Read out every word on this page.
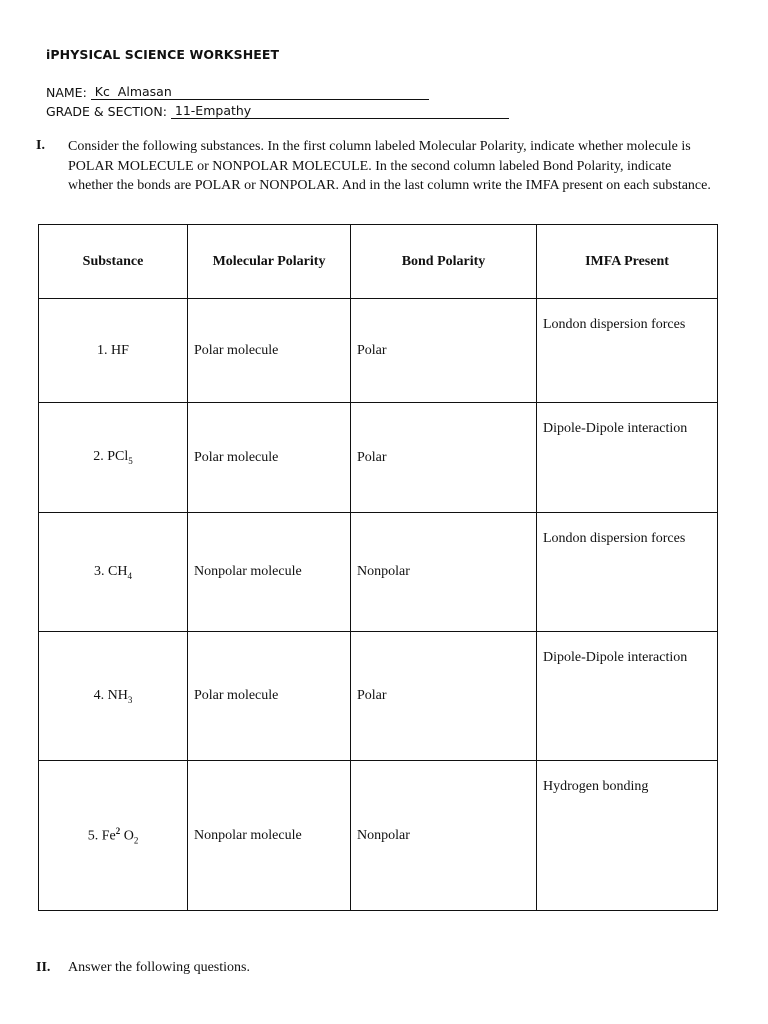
iPHYSICAL SCIENCE WORKSHEET
NAME: Kc  Almasan
GRADE & SECTION: 11-Empathy
I. Consider the following substances. In the first column labeled Molecular Polarity, indicate whether molecule is POLAR MOLECULE or NONPOLAR MOLECULE. In the second column labeled Bond Polarity, indicate whether the bonds are POLAR or NONPOLAR. And in the last column write the IMFA present on each substance.
Substance	Molecular Polarity	Bond Polarity	IMFA Present
1. HF	Polar molecule	Polar	London dispersion forces
2. PCl$_5$	Polar molecule	Polar	Dipole-Dipole interaction
3. $CH_4$	Nonpolar molecule	Nonpolar	London dispersion forces
4. $NH_3$	Polar molecule	Polar	Dipole-Dipole interaction
5. Fe$^2$ $O_2$	Nonpolar molecule	Nonpolar	Hydrogen bonding
II. Answer the following questions.
